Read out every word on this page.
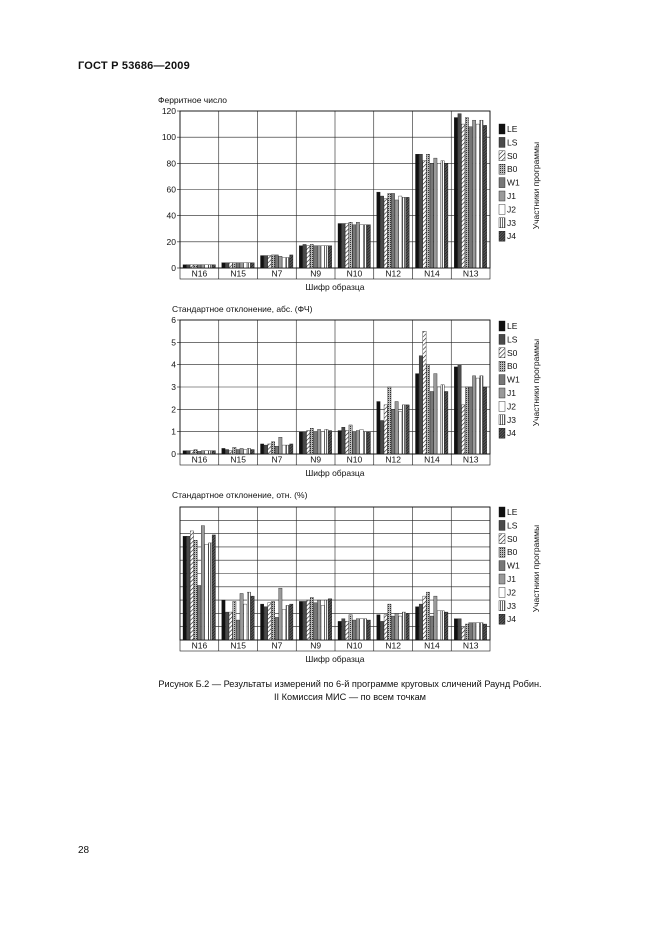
ГОСТ Р 53686—2009
Ферритное число
0
20
40
60
80
100
120
N16	N15	N7	N9	N10	N12	N14	N13
Шифр образца
LE
LS
S0
B0
W1
J1
J2
J3
J4
Участники программы
Стандартное отклонение, абс. (ФЧ)
0
1
2
3
4
5
6
N16	N15	N7	N9	N10	N12	N14	N13
Шифр образца
LE
LS
S0
B0
W1
J1
J2
J3
J4
Участники программы
Стандартное отклонение, отн. (%)
N16	N15	N7	N9	N10	N12	N14	N13
Шифр образца
LE
LS
S0
B0
W1
J1
J2
J3
J4
Участники программы
Рисунок Б.2 — Результаты измерений по 6-й программе круговых сличений Раунд Робин.
II Комиссия МИС — по всем точкам
28
